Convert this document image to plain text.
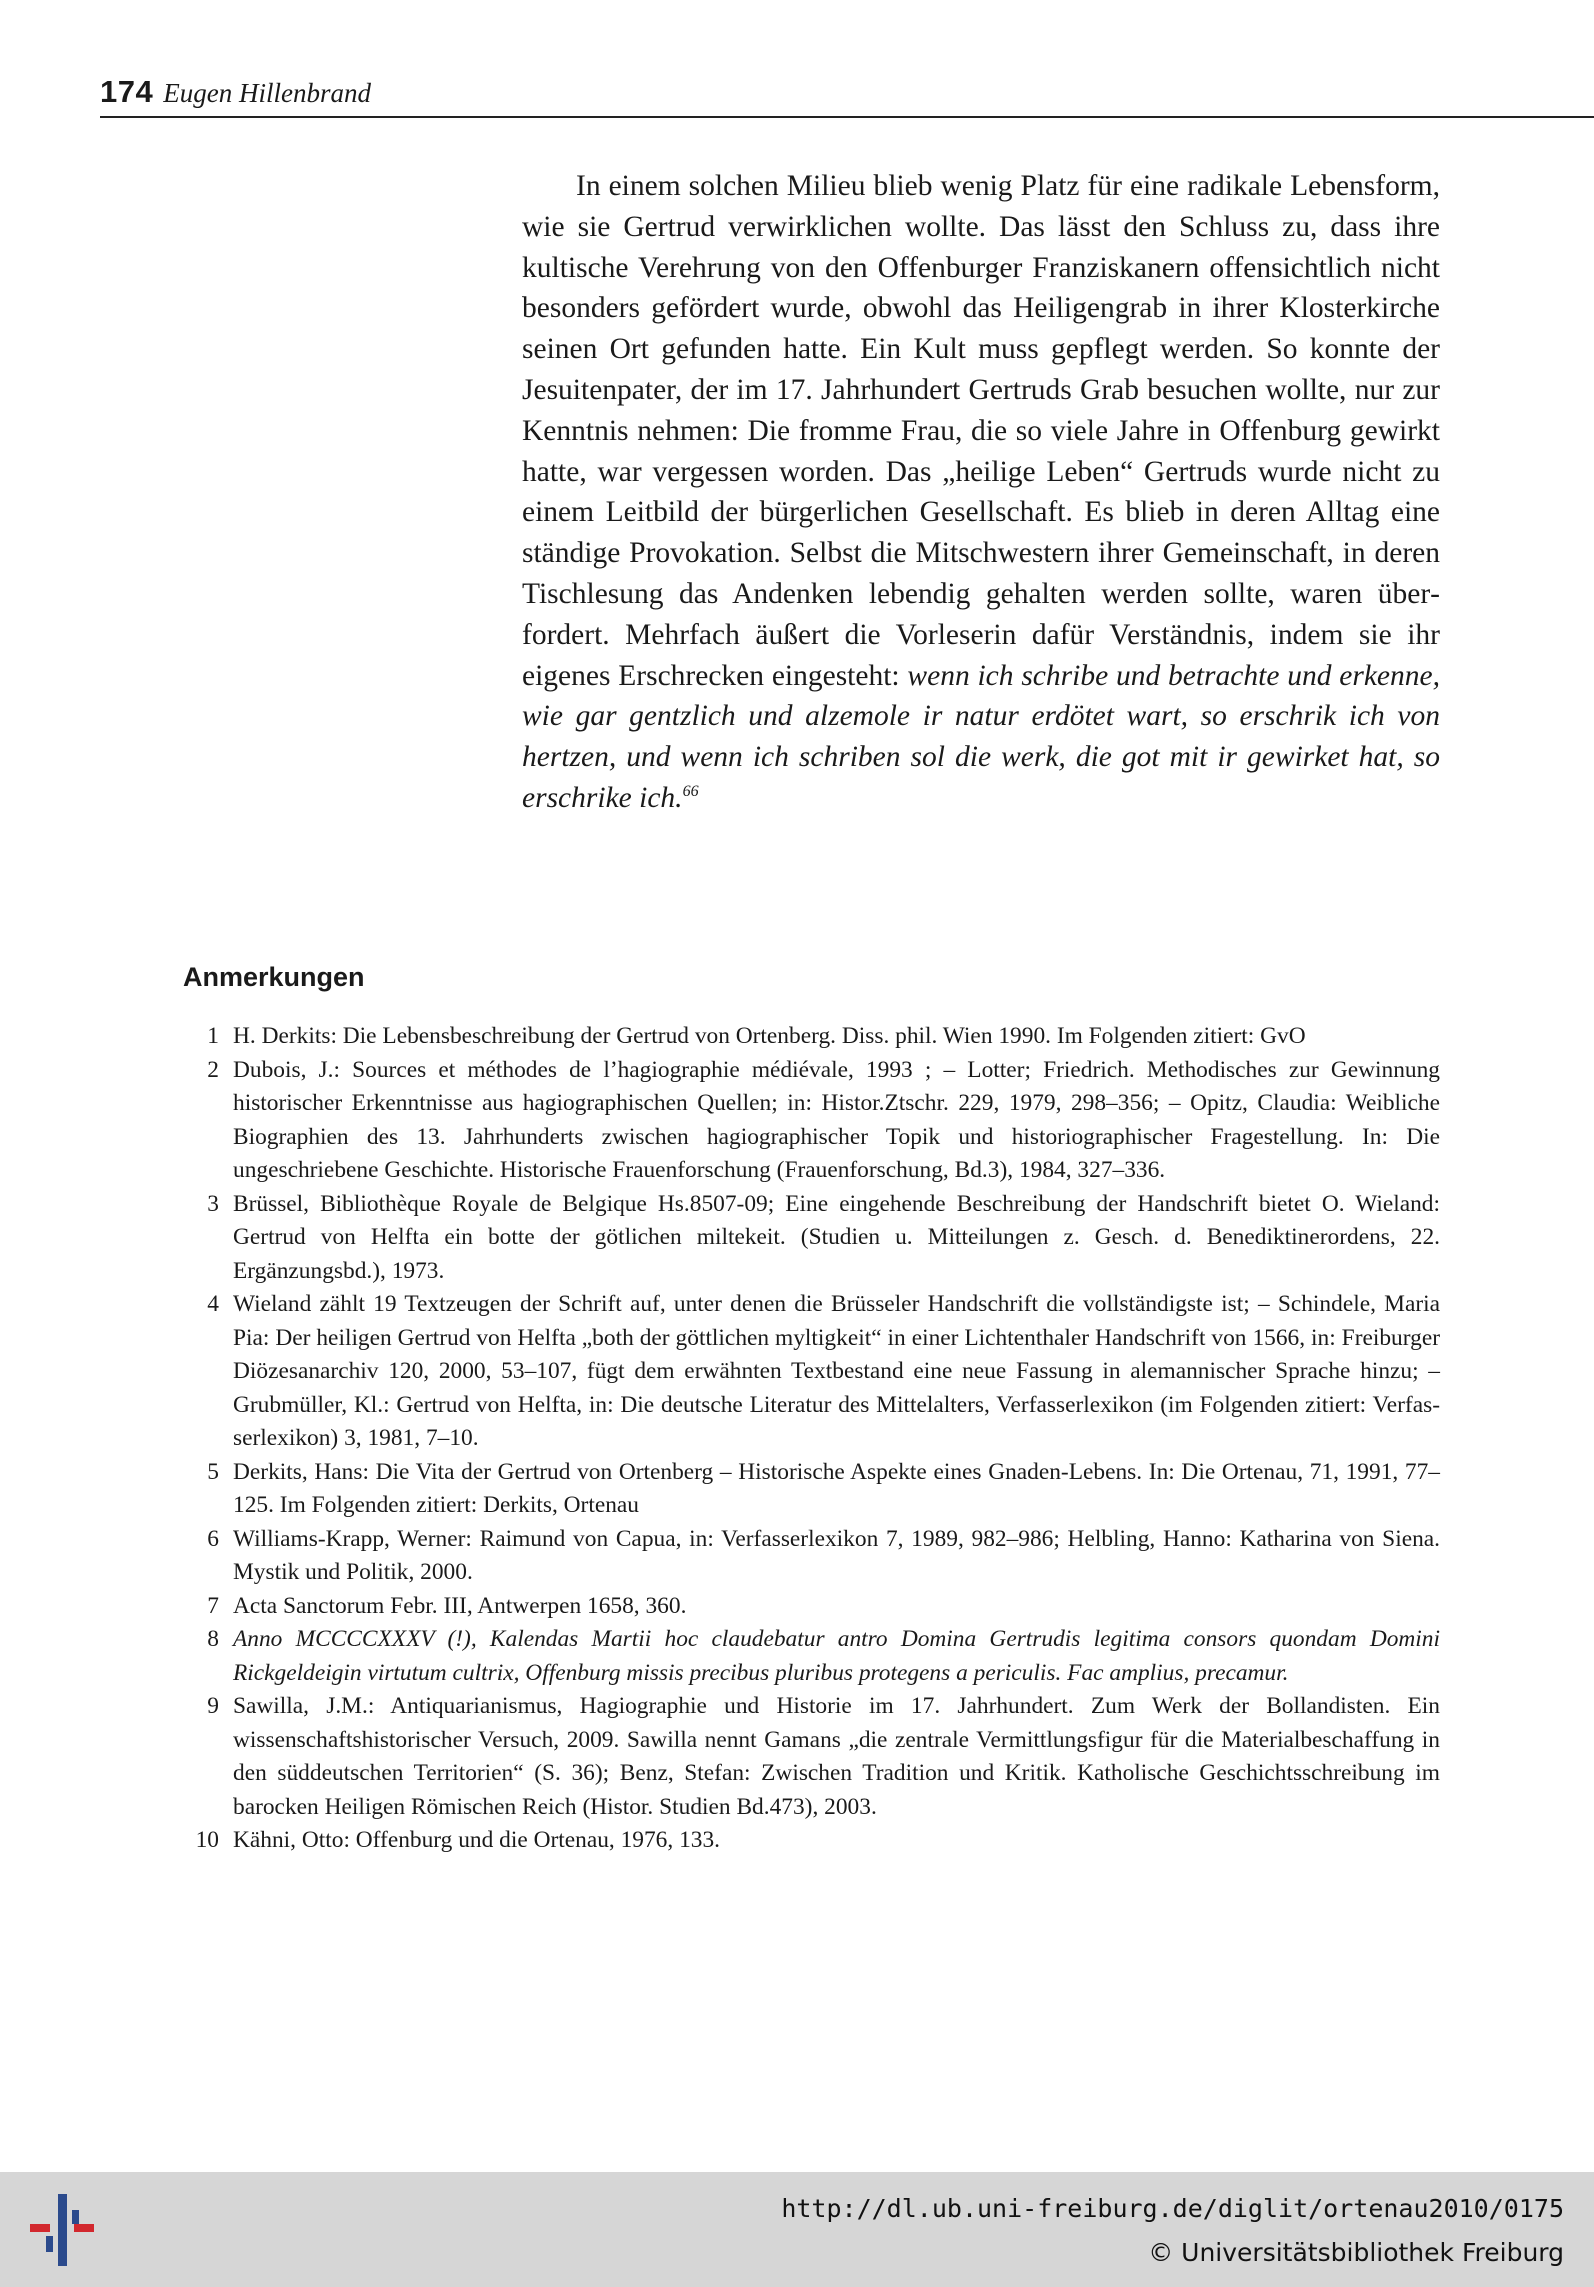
174 Eugen Hillenbrand

In einem solchen Milieu blieb wenig Platz für eine radikale Lebensform, wie sie Gertrud verwirklichen wollte. Das lässt den Schluss zu, dass ihre kultische Verehrung von den Offenburger Franziskanern offensichtlich nicht besonders gefördert wurde, obwohl das Heiligengrab in ihrer Klosterkirche seinen Ort gefunden hatte. Ein Kult muss gepflegt werden. So konnte der Jesuitenpater, der im 17. Jahrhundert Gertruds Grab besuchen wollte, nur zur Kenntnis nehmen: Die fromme Frau, die so viele Jahre in Offenburg gewirkt hatte, war vergessen worden. Das „heilige Leben“ Gertruds wurde nicht zu einem Leitbild der bürgerlichen Gesellschaft. Es blieb in deren Alltag eine ständige Provokation. Selbst die Mitschwestern ihrer Gemeinschaft, in deren Tischlesung das Andenken lebendig gehalten werden sollte, waren überfordert. Mehrfach äußert die Vorleserin dafür Verständnis, indem sie ihr eigenes Erschrecken eingesteht: wenn ich schribe und betrachte und erkenne, wie gar gentzlich und alzemole ir natur erdötet wart, so erschrik ich von hertzen, und wenn ich schriben sol die werk, die got mit ir gewirket hat, so erschrike ich.$^{66}$

Anmerkungen
1 H. Derkits: Die Lebensbeschreibung der Gertrud von Ortenberg. Diss. phil. Wien 1990. Im Folgenden zitiert: GvO
2 Dubois, J.: Sources et méthodes de l’hagiographie médiévale, 1993 ; – Lotter; Friedrich. Methodisches zur Gewinnung historischer Erkenntnisse aus hagiographischen Quellen; in: Histor.Ztschr. 229, 1979, 298–356; – Opitz, Claudia: Weibliche Biographien des 13. Jahrhunderts zwischen hagiographischer Topik und historiographischer Fragestellung. In: Die ungeschriebene Geschichte. Historische Frauenforschung (Frauenforschung, Bd.3), 1984, 327–336.
3 Brüssel, Bibliothèque Royale de Belgique Hs.8507-09; Eine eingehende Beschreibung der Handschrift bietet O. Wieland: Gertrud von Helfta ein botte der götlichen miltekeit. (Studien u. Mitteilungen z. Gesch. d. Benediktinerordens, 22. Ergänzungsbd.), 1973.
4 Wieland zählt 19 Textzeugen der Schrift auf, unter denen die Brüsseler Handschrift die vollständigste ist; – Schindele, Maria Pia: Der heiligen Gertrud von Helfta „both der göttlichen myltigkeit“ in einer Lichtenthaler Handschrift von 1566, in: Freiburger Diözesanarchiv 120, 2000, 53–107, fügt dem erwähnten Textbestand eine neue Fassung in alemannischer Sprache hinzu; – Grubmüller, Kl.: Gertrud von Helfta, in: Die deutsche Literatur des Mittelalters, Verfasserlexikon (im Folgenden zitiert: Verfasserlexikon) 3, 1981, 7–10.
5 Derkits, Hans: Die Vita der Gertrud von Ortenberg – Historische Aspekte eines Gnaden-Lebens. In: Die Ortenau, 71, 1991, 77–125. Im Folgenden zitiert: Derkits, Ortenau
6 Williams-Krapp, Werner: Raimund von Capua, in: Verfasserlexikon 7, 1989, 982–986; Helbling, Hanno: Katharina von Siena. Mystik und Politik, 2000.
7 Acta Sanctorum Febr. III, Antwerpen 1658, 360.
8 Anno MCCCCXXXV (!), Kalendas Martii hoc claudebatur antro Domina Gertrudis legitima consors quondam Domini Rickgeldeigin virtutum cultrix, Offenburg missis precibus pluribus protegens a periculis. Fac amplius, precamur.
9 Sawilla, J.M.: Antiquarianismus, Hagiographie und Historie im 17. Jahrhundert. Zum Werk der Bollandisten. Ein wissenschaftshistorischer Versuch, 2009. Sawilla nennt Gamans „die zentrale Vermittlungsfigur für die Materialbeschaffung in den süddeutschen Territorien“ (S. 36); Benz, Stefan: Zwischen Tradition und Kritik. Katholische Geschichtsschreibung im barocken Heiligen Römischen Reich (Histor. Studien Bd.473), 2003.
10 Kähni, Otto: Offenburg und die Ortenau, 1976, 133.
http://dl.ub.uni-freiburg.de/diglit/ortenau2010/0175
© Universitätsbibliothek Freiburg
